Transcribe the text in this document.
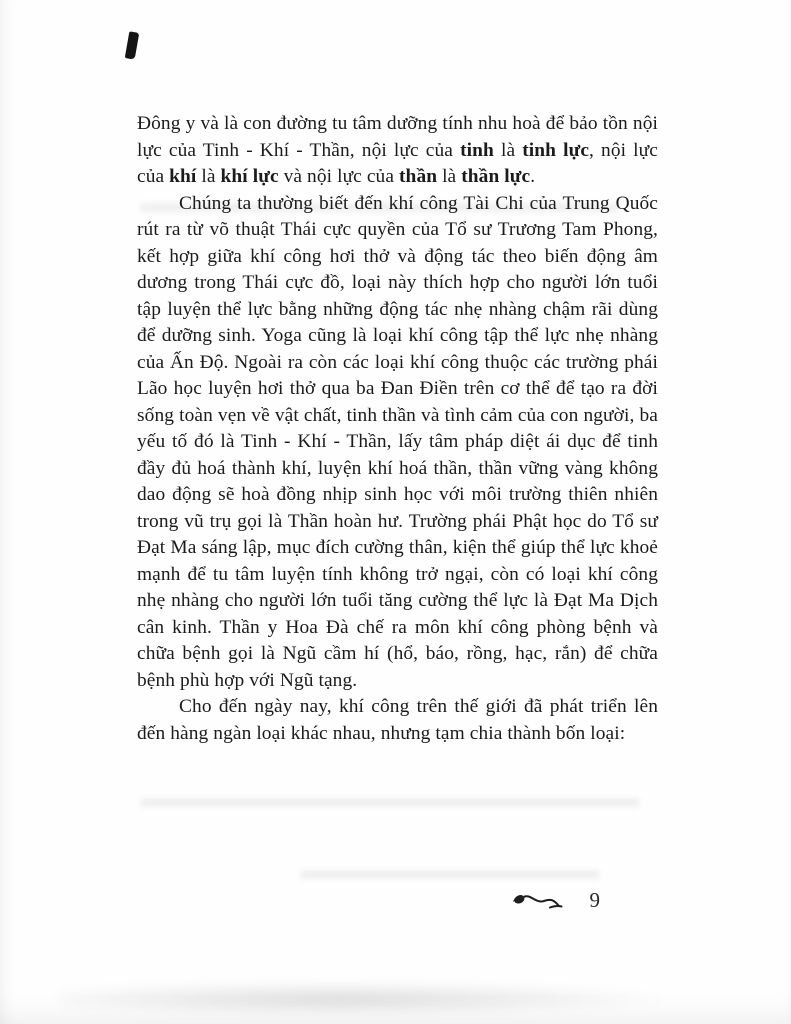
Đông y và là con đường tu tâm dưỡng tính nhu hoà để bảo tồn nội lực của Tinh - Khí - Thần, nội lực của tinh là tinh lực, nội lực của khí là khí lực và nội lực của thần là thần lực.

Chúng ta thường biết đến khí công Tài Chi của Trung Quốc rút ra từ võ thuật Thái cực quyền của Tổ sư Trương Tam Phong, kết hợp giữa khí công hơi thở và động tác theo biến động âm dương trong Thái cực đồ, loại này thích hợp cho người lớn tuổi tập luyện thể lực bằng những động tác nhẹ nhàng chậm rãi dùng để dưỡng sinh. Yoga cũng là loại khí công tập thể lực nhẹ nhàng của Ấn Độ. Ngoài ra còn các loại khí công thuộc các trường phái Lão học luyện hơi thở qua ba Đan Điền trên cơ thể để tạo ra đời sống toàn vẹn về vật chất, tinh thần và tình cảm của con người, ba yếu tố đó là Tinh - Khí - Thần, lấy tâm pháp diệt ái dục để tinh đầy đủ hoá thành khí, luyện khí hoá thần, thần vững vàng không dao động sẽ hoà đồng nhịp sinh học với môi trường thiên nhiên trong vũ trụ gọi là Thần hoàn hư. Trường phái Phật học do Tổ sư Đạt Ma sáng lập, mục đích cường thân, kiện thể giúp thể lực khoẻ mạnh để tu tâm luyện tính không trở ngại, còn có loại khí công nhẹ nhàng cho người lớn tuổi tăng cường thể lực là Đạt Ma Dịch cân kinh. Thần y Hoa Đà chế ra môn khí công phòng bệnh và chữa bệnh gọi là Ngũ cầm hí (hổ, báo, rồng, hạc, rắn) để chữa bệnh phù hợp với Ngũ tạng.

Cho đến ngày nay, khí công trên thế giới đã phát triển lên đến hàng ngàn loại khác nhau, nhưng tạm chia thành bốn loại:

9
